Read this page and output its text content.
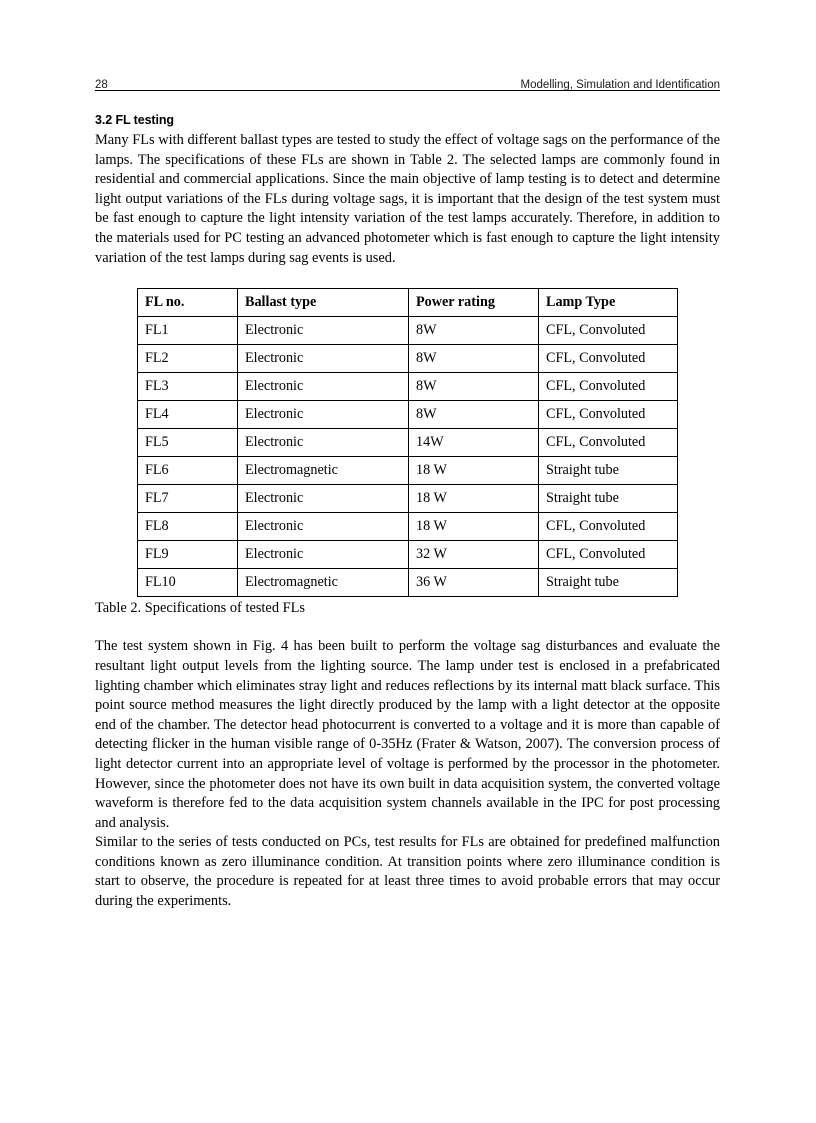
28	Modelling, Simulation and Identification
3.2 FL testing

Many FLs with different ballast types are tested to study the effect of voltage sags on the performance of the lamps. The specifications of these FLs are shown in Table 2. The selected lamps are commonly found in residential and commercial applications. Since the main objective of lamp testing is to detect and determine light output variations of the FLs during voltage sags, it is important that the design of the test system must be fast enough to capture the light intensity variation of the test lamps accurately. Therefore, in addition to the materials used for PC testing an advanced photometer which is fast enough to capture the light intensity variation of the test lamps during sag events is used.

FL no.	Ballast type	Power rating	Lamp Type
FL1	Electronic	8W	CFL, Convoluted
FL2	Electronic	8W	CFL, Convoluted
FL3	Electronic	8W	CFL, Convoluted
FL4	Electronic	8W	CFL, Convoluted
FL5	Electronic	14W	CFL, Convoluted
FL6	Electromagnetic	18 W	Straight tube
FL7	Electronic	18 W	Straight tube
FL8	Electronic	18 W	CFL, Convoluted
FL9	Electronic	32 W	CFL, Convoluted
FL10	Electromagnetic	36 W	Straight tube

Table 2. Specifications of tested FLs

The test system shown in Fig. 4 has been built to perform the voltage sag disturbances and evaluate the resultant light output levels from the lighting source. The lamp under test is enclosed in a prefabricated lighting chamber which eliminates stray light and reduces reflections by its internal matt black surface. This point source method measures the light directly produced by the lamp with a light detector at the opposite end of the chamber. The detector head photocurrent is converted to a voltage and it is more than capable of detecting flicker in the human visible range of 0-35Hz (Frater & Watson, 2007). The conversion process of light detector current into an appropriate level of voltage is performed by the processor in the photometer. However, since the photometer does not have its own built in data acquisition system, the converted voltage waveform is therefore fed to the data acquisition system channels available in the IPC for post processing and analysis.

Similar to the series of tests conducted on PCs, test results for FLs are obtained for predefined malfunction conditions known as zero illuminance condition. At transition points where zero illuminance condition is start to observe, the procedure is repeated for at least three times to avoid probable errors that may occur during the experiments.
